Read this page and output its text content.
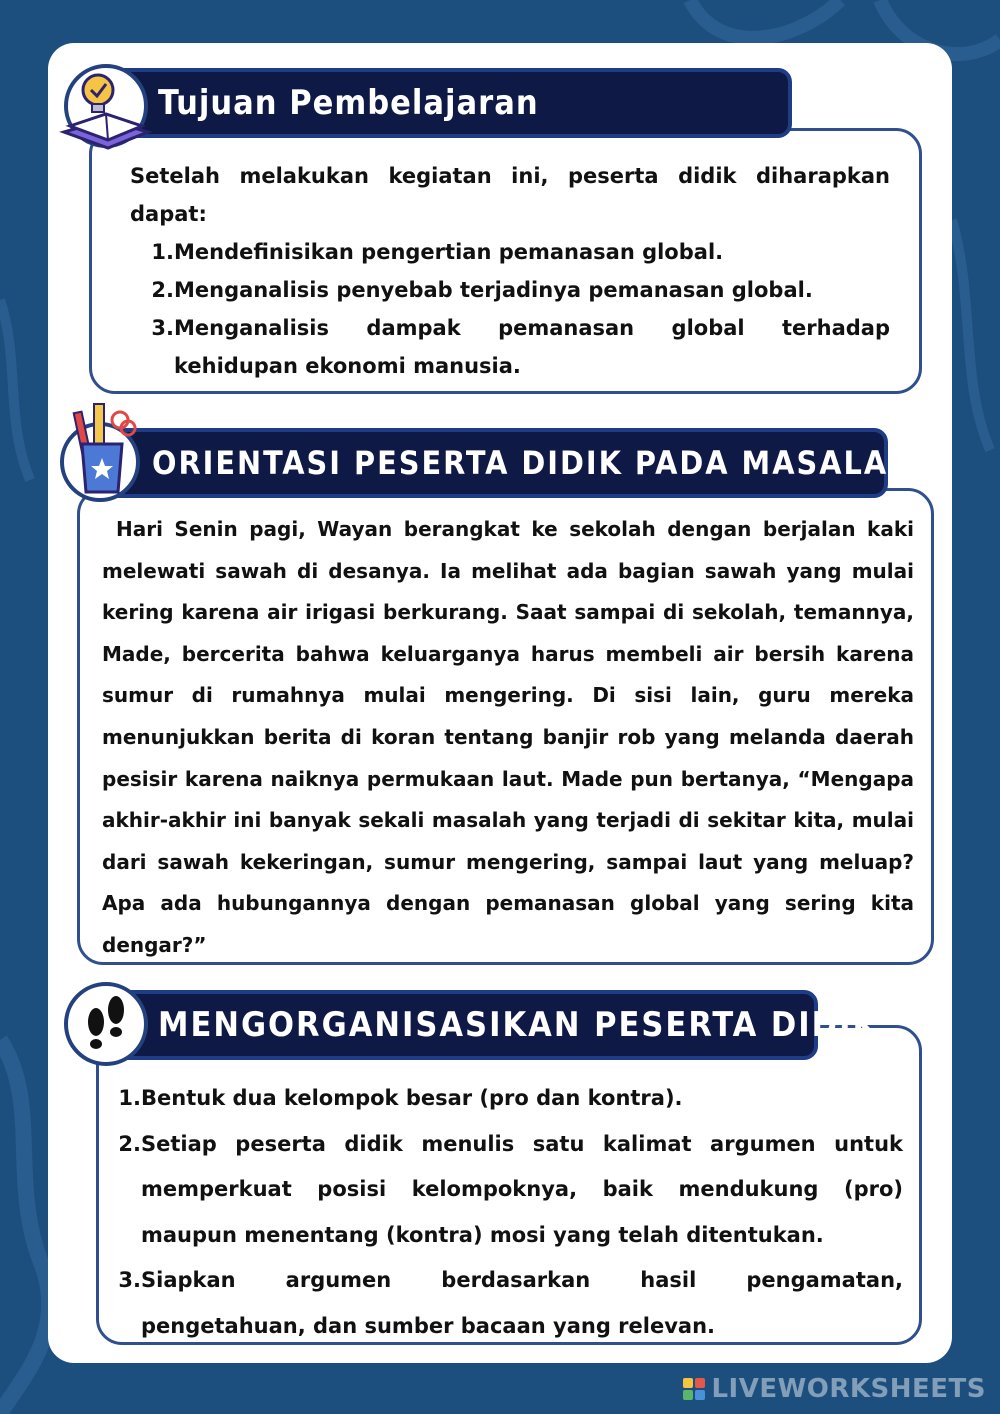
Setelah melakukan kegiatan ini, peserta didik diharapkan dapat:

1. Mendefinisikan pengertian pemanasan global.
2. Menganalisis penyebab terjadinya pemanasan global.
3. Menganalisis dampak pemanasan global terhadap kehidupan ekonomi manusia.
Tujuan Pembelajaran

Hari Senin pagi, Wayan berangkat ke sekolah dengan berjalan kaki melewati sawah di desanya. Ia melihat ada bagian sawah yang mulai kering karena air irigasi berkurang. Saat sampai di sekolah, temannya, Made, bercerita bahwa keluarganya harus membeli air bersih karena sumur di rumahnya mulai mengering. Di sisi lain, guru mereka menunjukkan berita di koran tentang banjir rob yang melanda daerah pesisir karena naiknya permukaan laut. Made pun bertanya, “Mengapa akhir-akhir ini banyak sekali masalah yang terjadi di sekitar kita, mulai dari sawah kekeringan, sumur mengering, sampai laut yang meluap? Apa ada hubungannya dengan pemanasan global yang sering kita dengar?”

ORIENTASI PESERTA DIDIK PADA MASALAH
1. Bentuk dua kelompok besar (pro dan kontra).
2. Setiap peserta didik menulis satu kalimat argumen untuk memperkuat posisi kelompoknya, baik mendukung (pro) maupun menentang (kontra) mosi yang telah ditentukan.
3. Siapkan argumen berdasarkan hasil pengamatan, pengetahuan, dan sumber bacaan yang relevan.
MENGORGANISASIKAN PESERTA DIDIK
LIVEWORKSHEETS
